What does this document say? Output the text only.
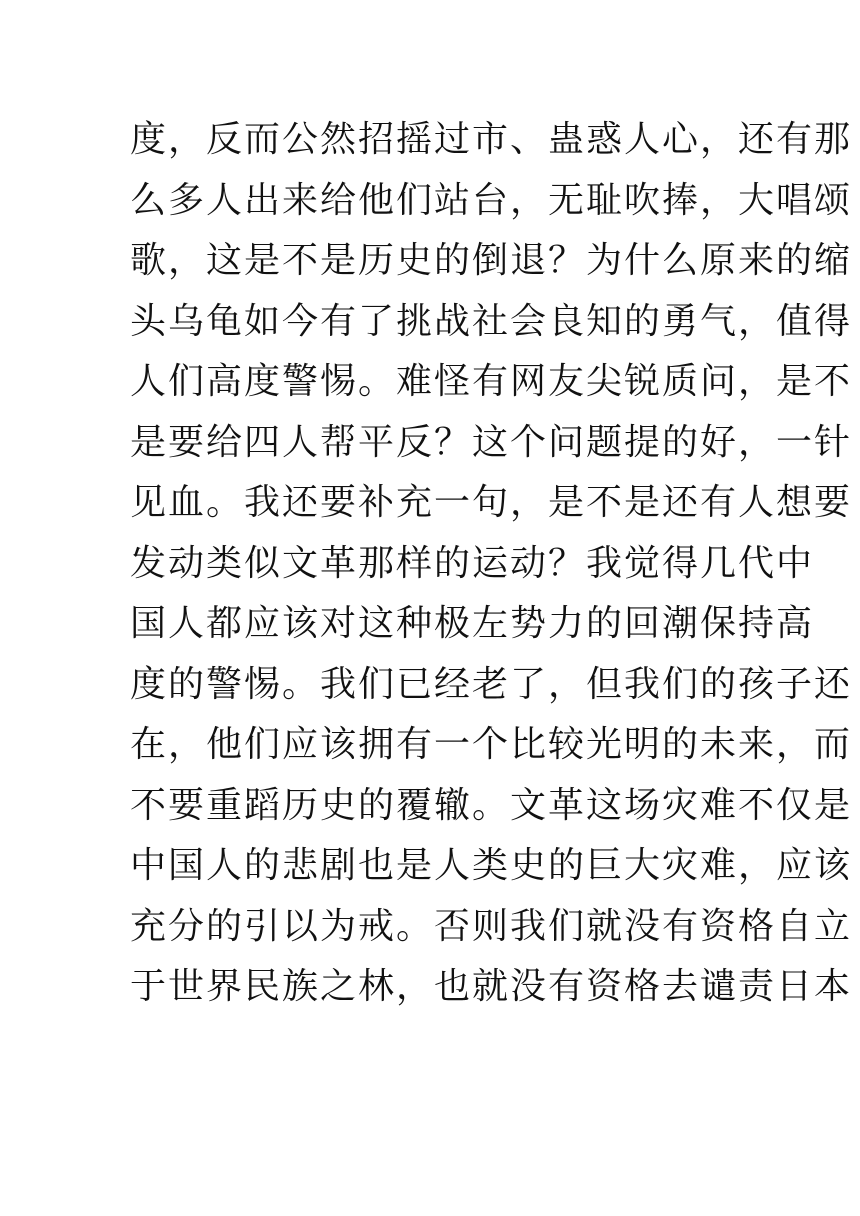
度，反而公然招摇过市、蛊惑人心，还有那
么多人出来给他们站台，无耻吹捧，大唱颂
歌，这是不是历史的倒退？为什么原来的缩
头乌龟如今有了挑战社会良知的勇气，值得
人们高度警惕。难怪有网友尖锐质问，是不
是要给四人帮平反？这个问题提的好，一针
见血。我还要补充一句，是不是还有人想要
发动类似文革那样的运动？我觉得几代中
国人都应该对这种极左势力的回潮保持高
度的警惕。我们已经老了，但我们的孩子还
在，他们应该拥有一个比较光明的未来，而
不要重蹈历史的覆辙。文革这场灾难不仅是
中国人的悲剧也是人类史的巨大灾难，应该
充分的引以为戒。否则我们就没有资格自立
于世界民族之林，也就没有资格去谴责日本
